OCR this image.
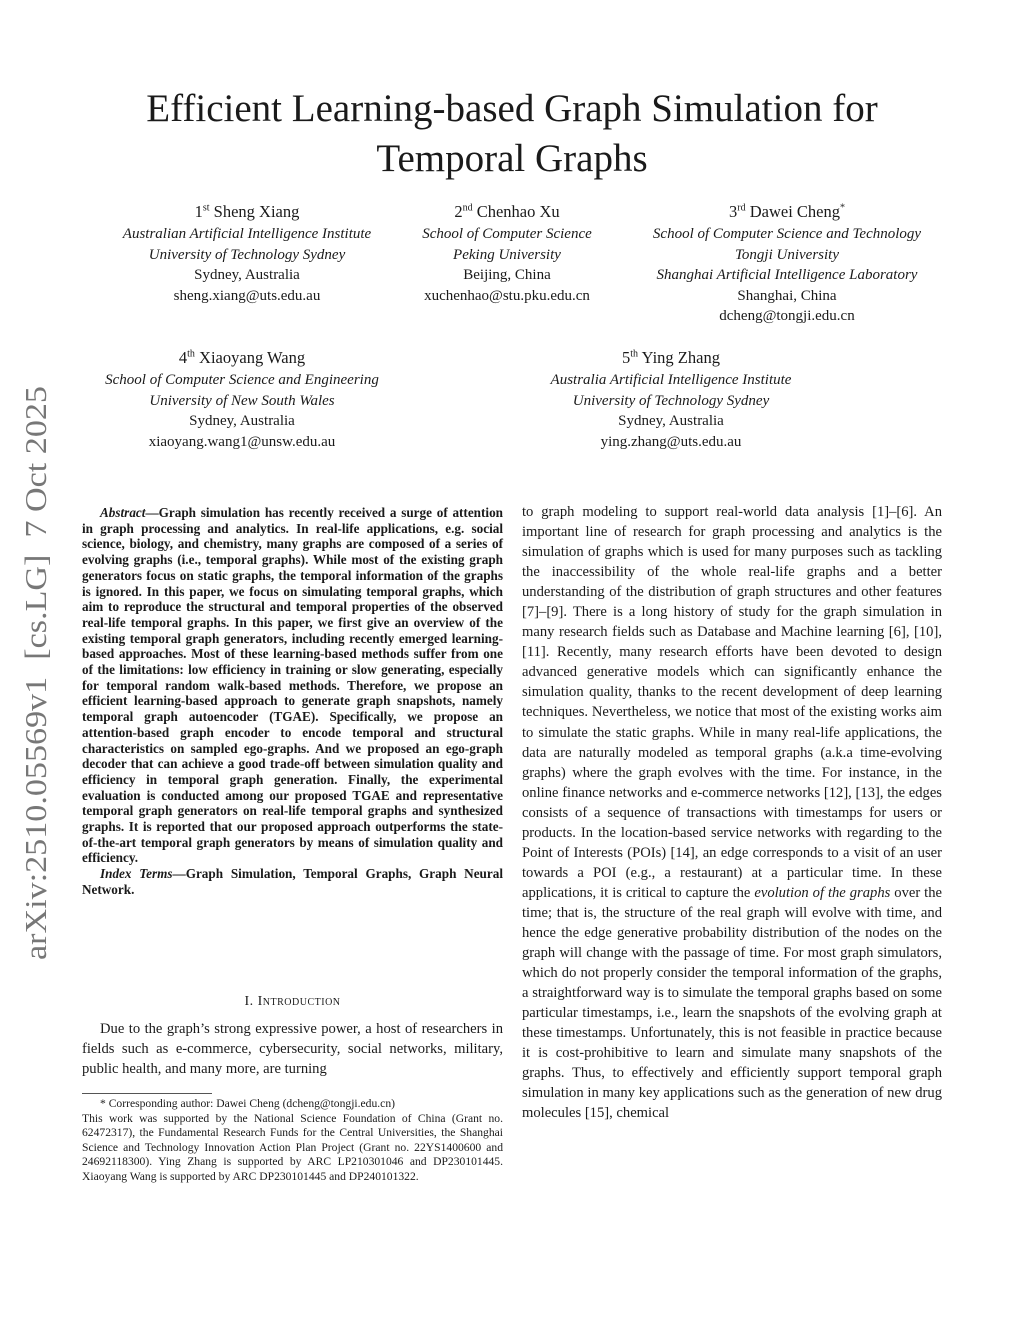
arXiv:2510.05569v1  [cs.LG]  7 Oct 2025
Efficient Learning-based Graph Simulation for
Temporal Graphs
1st Sheng Xiang
Australian Artificial Intelligence Institute
University of Technology Sydney
Sydney, Australia
sheng.xiang@uts.edu.au
2nd Chenhao Xu
School of Computer Science
Peking University
Beijing, China
xuchenhao@stu.pku.edu.cn
3rd Dawei Cheng*
School of Computer Science and Technology
Tongji University
Shanghai Artificial Intelligence Laboratory
Shanghai, China
dcheng@tongji.edu.cn
4th Xiaoyang Wang
School of Computer Science and Engineering
University of New South Wales
Sydney, Australia
xiaoyang.wang1@unsw.edu.au
5th Ying Zhang
Australia Artificial Intelligence Institute
University of Technology Sydney
Sydney, Australia
ying.zhang@uts.edu.au

Abstract—Graph simulation has recently received a surge of attention in graph processing and analytics. In real-life applications, e.g. social science, biology, and chemistry, many graphs are composed of a series of evolving graphs (i.e., temporal graphs). While most of the existing graph generators focus on static graphs, the temporal information of the graphs is ignored. In this paper, we focus on simulating temporal graphs, which aim to reproduce the structural and temporal properties of the observed real-life temporal graphs. In this paper, we first give an overview of the existing temporal graph generators, including recently emerged learning-based approaches. Most of these learning-based methods suffer from one of the limitations: low efficiency in training or slow generating, especially for temporal random walk-based methods. Therefore, we propose an efficient learning-based approach to generate graph snapshots, namely temporal graph autoencoder (TGAE). Specifically, we propose an attention-based graph encoder to encode temporal and structural characteristics on sampled ego-graphs. And we proposed an ego-graph decoder that can achieve a good trade-off between simulation quality and efficiency in temporal graph generation. Finally, the experimental evaluation is conducted among our proposed TGAE and representative temporal graph generators on real-life temporal graphs and synthesized graphs. It is reported that our proposed approach outperforms the state-of-the-art temporal graph generators by means of simulation quality and efficiency.

Index Terms—Graph Simulation, Temporal Graphs, Graph Neural Network.

I. Introduction

Due to the graph’s strong expressive power, a host of researchers in fields such as e-commerce, cybersecurity, social networks, military, public health, and many more, are turning

* Corresponding author: Dawei Cheng (dcheng@tongji.edu.cn)

This work was supported by the National Science Foundation of China (Grant no. 62472317), the Fundamental Research Funds for the Central Universities, the Shanghai Science and Technology Innovation Action Plan Project (Grant no. 22YS1400600 and 24692118300). Ying Zhang is supported by ARC LP210301046 and DP230101445. Xiaoyang Wang is supported by ARC DP230101445 and DP240101322.

to graph modeling to support real-world data analysis [1]–[6]. An important line of research for graph processing and analytics is the simulation of graphs which is used for many purposes such as tackling the inaccessibility of the whole real-life graphs and a better understanding of the distribution of graph structures and other features [7]–[9]. There is a long history of study for the graph simulation in many research fields such as Database and Machine learning [6], [10], [11]. Recently, many research efforts have been devoted to design advanced generative models which can significantly enhance the simulation quality, thanks to the recent development of deep learning techniques. Nevertheless, we notice that most of the existing works aim to simulate the static graphs. While in many real-life applications, the data are naturally modeled as temporal graphs (a.k.a time-evolving graphs) where the graph evolves with the time. For instance, in the online finance networks and e-commerce networks [12], [13], the edges consists of a sequence of transactions with timestamps for users or products. In the location-based service networks with regarding to the Point of Interests (POIs) [14], an edge corresponds to a visit of an user towards a POI (e.g., a restaurant) at a particular time. In these applications, it is critical to capture the evolution of the graphs over the time; that is, the structure of the real graph will evolve with time, and hence the edge generative probability distribution of the nodes on the graph will change with the passage of time. For most graph simulators, which do not properly consider the temporal information of the graphs, a straightforward way is to simulate the temporal graphs based on some particular timestamps, i.e., learn the snapshots of the evolving graph at these timestamps. Unfortunately, this is not feasible in practice because it is cost-prohibitive to learn and simulate many snapshots of the graphs. Thus, to effectively and efficiently support temporal graph simulation in many key applications such as the generation of new drug molecules [15], chemical
